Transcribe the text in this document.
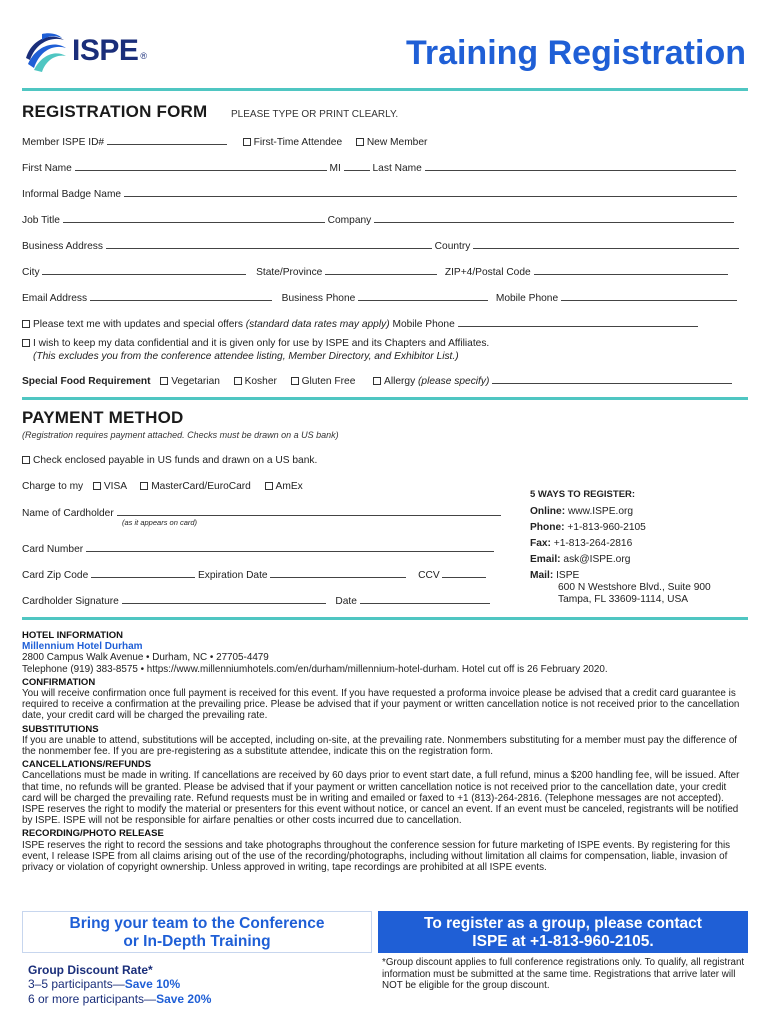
ISPE ®	Training Registration
REGISTRATION FORM PLEASE TYPE OR PRINT CLEARLY.
Member ISPE ID#	First-Time Attendee New Member
First Name	MI	Last Name
Informal Badge Name
Job Title	Company
Business Address	Country
City	State/Province	ZIP+4/Postal Code
Email Address	Business Phone	Mobile Phone
Please text me with updates and special offers (standard data rates may apply) Mobile Phone
I wish to keep my data confidential and it is given only for use by ISPE and its Chapters and Affiliates.
(This excludes you from the conference attendee listing, Member Directory, and Exhibitor List.)
Special Food Requirement Vegetarian Kosher Gluten Free	Allergy (please specify)
PAYMENT METHOD
(Registration requires payment attached. Checks must be drawn on a US bank)
Check enclosed payable in US funds and drawn on a US bank.
Charge to my VISA MasterCard/EuroCard AmEx
Name of Cardholder
(as it appears on card)
Card Number
Card Zip Code	Expiration Date	CCV
Cardholder Signature	Date
5 WAYS TO REGISTER:
Online: www.ISPE.org
Phone: +1-813-960-2105
Fax: +1-813-264-2816
Email: ask@ISPE.org
Mail: ISPE
600 N Westshore Blvd., Suite 900
Tampa, FL 33609-1114, USA
HOTEL INFORMATION
Millennium Hotel Durham

2800 Campus Walk Avenue • Durham, NC • 27705-4479

Telephone (919) 383-8575 • https://www.millenniumhotels.com/en/durham/millennium-hotel-durham. Hotel cut off is 26 February 2020.

CONFIRMATION

You will receive confirmation once full payment is received for this event. If you have requested a proforma invoice please be advised that a credit card guarantee is required to receive a confirmation at the prevailing price. Please be advised that if your payment or written cancellation notice is not received prior to the cancellation date, your credit card will be charged the prevailing rate.

SUBSTITUTIONS

If you are unable to attend, substitutions will be accepted, including on-site, at the prevailing rate. Nonmembers substituting for a member must pay the difference of the nonmember fee. If you are pre-registering as a substitute attendee, indicate this on the registration form.

CANCELLATIONS/REFUNDS

Cancellations must be made in writing. If cancellations are received by 60 days prior to event start date, a full refund, minus a $200 handling fee, will be issued. After that time, no refunds will be granted. Please be advised that if your payment or written cancellation notice is not received prior to the cancellation date, your credit card will be charged the prevailing rate. Refund requests must be in writing and emailed or faxed to +1 (813)-264-2816. (Telephone messages are not accepted). ISPE reserves the right to modify the material or presenters for this event without notice, or cancel an event. If an event must be canceled, registrants will be notified by ISPE. ISPE will not be responsible for airfare penalties or other costs incurred due to cancellation.

RECORDING/PHOTO RELEASE

ISPE reserves the right to record the sessions and take photographs throughout the conference session for future marketing of ISPE events. By registering for this event, I release ISPE from all claims arising out of the use of the recording/photographs, including without limitation all claims for compensation, liable, invasion of privacy or violation of copyright ownership. Unless approved in writing, tape recordings are prohibited at all ISPE events.

Bring your team to the Conference
or In-Depth Training
Group Discount Rate*
3–5 participants—Save 10%
6 or more participants—Save 20%
To register as a group, please contact
ISPE at +1-813-960-2105.
*Group discount applies to full conference registrations only. To qualify, all registrant information must be submitted at the same time. Registrations that arrive later will NOT be eligible for the group discount.
